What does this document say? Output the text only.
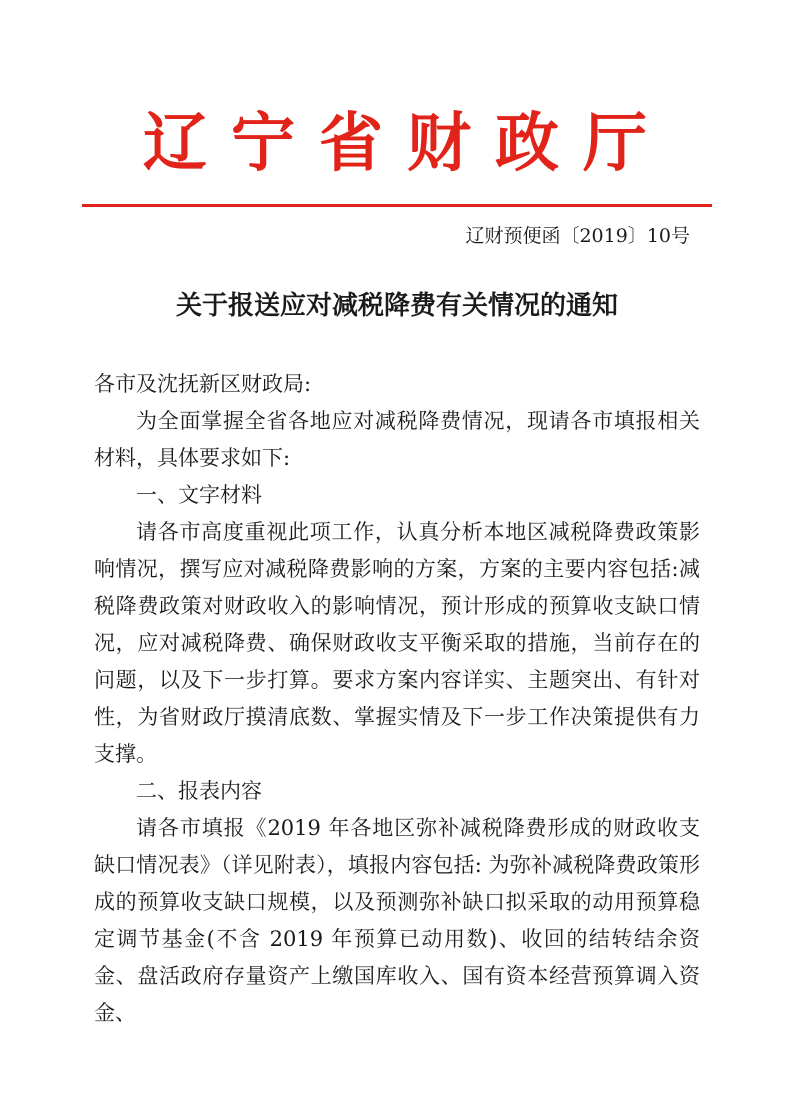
辽宁省财政厅
辽财预便函〔2019〕10号
关于报送应对减税降费有关情况的通知

各市及沈抚新区财政局:

为全面掌握全省各地应对减税降费情况，现请各市填报相关材料，具体要求如下:

一、文字材料

请各市高度重视此项工作，认真分析本地区减税降费政策影响情况，撰写应对减税降费影响的方案，方案的主要内容包括:减税降费政策对财政收入的影响情况，预计形成的预算收支缺口情况，应对减税降费、确保财政收支平衡采取的措施，当前存在的问题，以及下一步打算。要求方案内容详实、主题突出、有针对性，为省财政厅摸清底数、掌握实情及下一步工作决策提供有力支撑。

二、报表内容

请各市填报《2019 年各地区弥补减税降费形成的财政收支缺口情况表》（详见附表），填报内容包括: 为弥补减税降费政策形成的预算收支缺口规模，以及预测弥补缺口拟采取的动用预算稳定调节基金(不含 2019 年预算已动用数)、收回的结转结余资金、盘活政府存量资产上缴国库收入、国有资本经营预算调入资金、
